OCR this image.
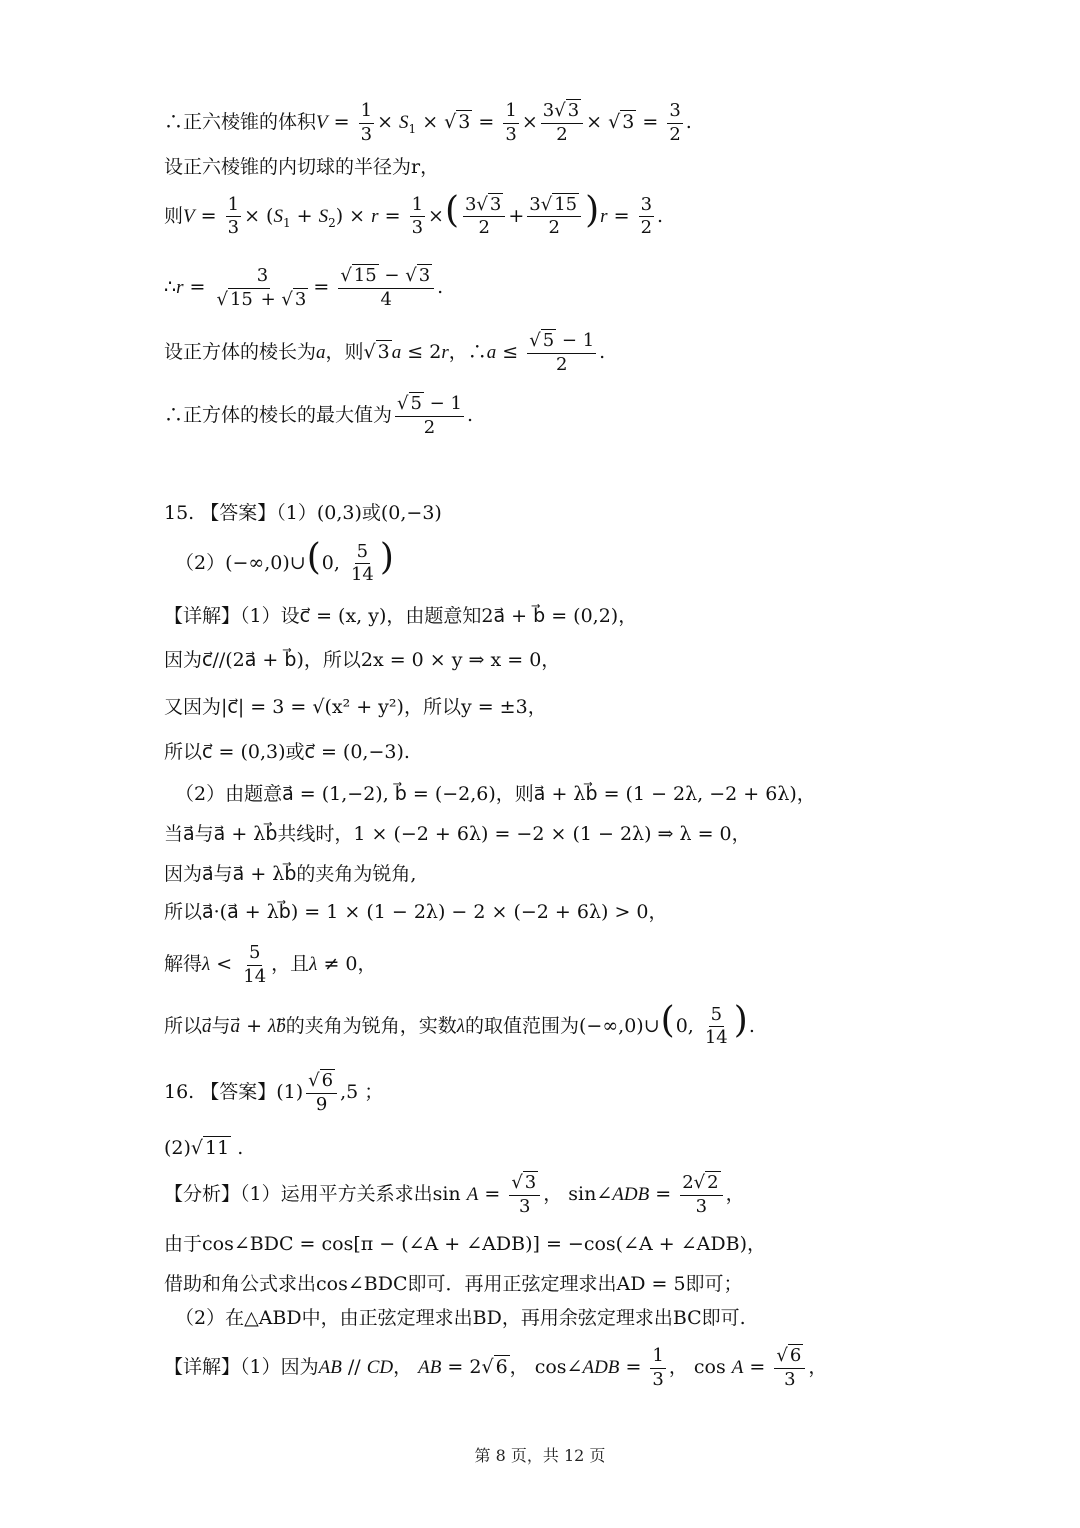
∴正六棱锥的体积$V = \frac{1}{3} \times S_1$ × √ $3 = \frac{1}{3} \times \frac{3√ 3}{2}$ × √ $3 = \frac{3}{2}$ .
设正六棱锥的内切球的半径为r，
则$V = \frac{1}{3} \times (S_1 + S_2) \times r = \frac{1}{3}$ ×( $\frac{3√ 3}{2} + \frac{3√ 15}{2} )r = \frac{3}{2}$ .
∴r = $\frac{3}{√ 15 + √ 3} = \frac{√ 15 - √ 3}{4}$ .
设正方体的棱长为a，则√ 3 a ≤ 2r，∴a ≤ $\frac{√ 5 - 1}{2}$ .
∴正方体的棱长的最大值为 $\frac{√ 5 - 1}{2}$ .
15. 【答案】（1）(0,3)或(0,−3)
（2）(−∞,0)∪(0, $\frac{5}{14}$ )
【详解】（1）设c⃗ = (x, y)，由题意知2a⃗ + b⃗ = (0,2)，
因为c⃗//(2a⃗ + b⃗)，所以2x = 0 × y ⇒ x = 0，
又因为|c⃗| = 3 = √(x² + y²)，所以y = ±3，
所以c⃗ = (0,3)或c⃗ = (0,−3).
（2）由题意a⃗ = (1,−2), b⃗ = (−2,6)，则a⃗ + λb⃗ = (1 − 2λ, −2 + 6λ)，
当a⃗与a⃗ + λb⃗共线时，1 × (−2 + 6λ) = −2 × (1 − 2λ) ⇒ λ = 0，
因为a⃗与a⃗ + λb⃗的夹角为锐角,
所以a⃗·(a⃗ + λb⃗) = 1 × (1 − 2λ) − 2 × (−2 + 6λ) > 0，
解得$\lambda < \frac{5}{14}$ ，且λ ≠ 0，
所以a⃗与a⃗ + λb⃗的夹角为锐角，实数λ的取值范围为(−∞,0)∪(0, $\frac{5}{14}$ ).
16. 【答案】$(1) \frac{√ 6}{9} ,5$ ；
(2)√ 11 .
【分析】（1）运用平方关系求出$\sin A = \frac{√ 3}{3}$ ， sin∠ADB = $\frac{2√ 2}{3}$ ，
由于cos∠BDC = cos[π − (∠A + ∠ADB)] = −cos(∠A + ∠ADB)，
借助和角公式求出cos∠BDC即可．再用正弦定理求出AD = 5即可；
（2）在△ABD中，由正弦定理求出BD，再用余弦定理求出BC即可.
【详解】（1）因为AB // CD， AB = 2√ 6 ， cos∠ADB = $\frac{1}{3}$ ， $\cos A = \frac{√ 6}{3}$ ，
第 8 页，共 12 页
